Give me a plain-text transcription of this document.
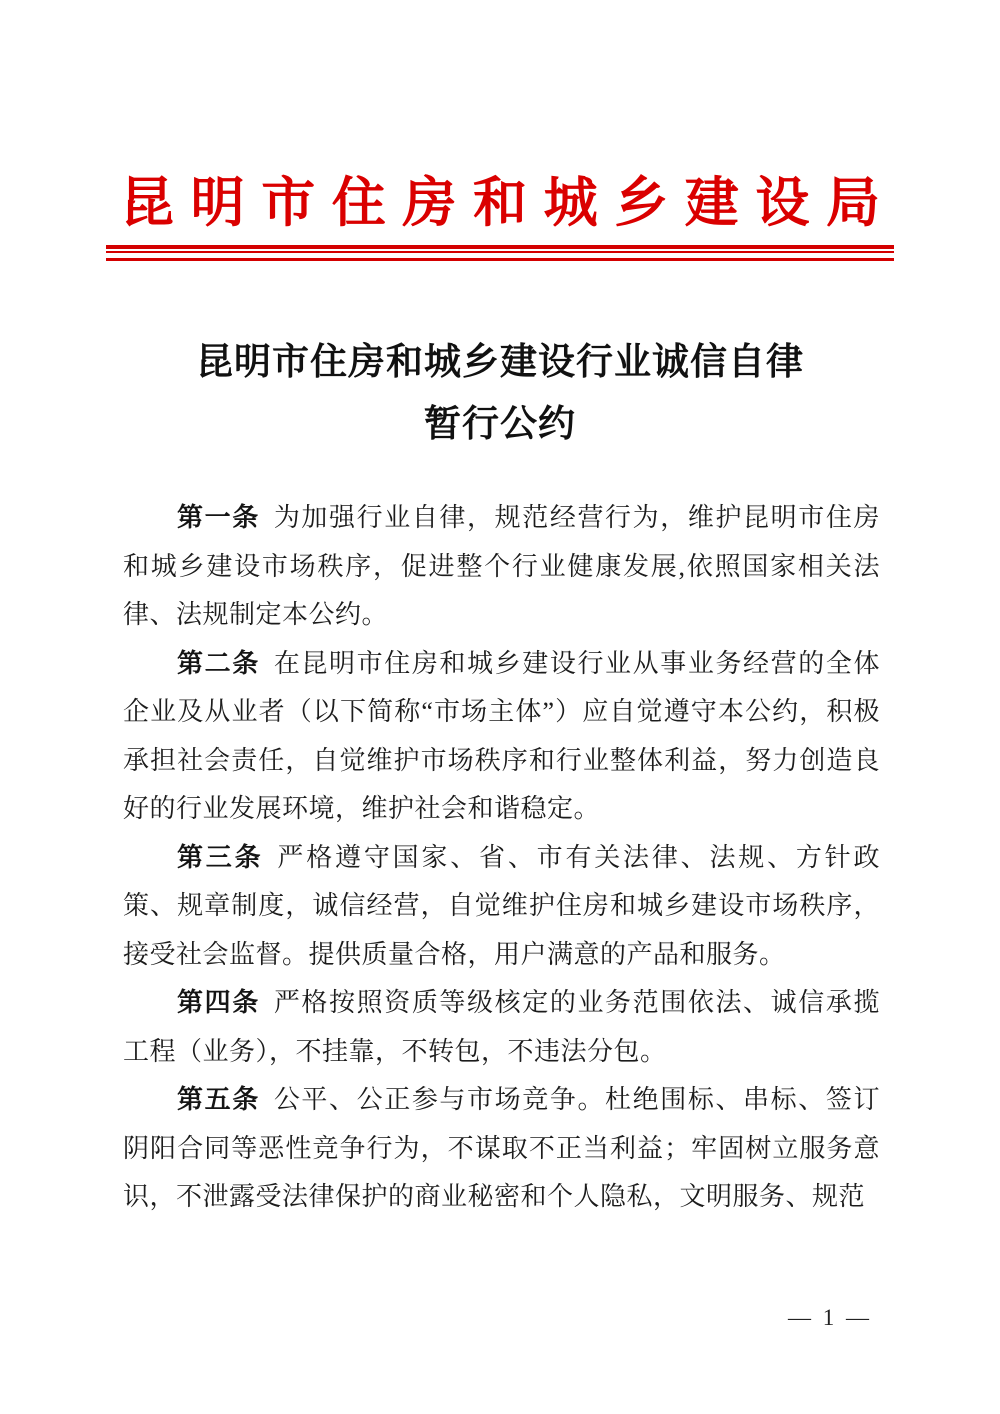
昆明市住房和城乡建设局
昆明市住房和城乡建设行业诚信自律
暂行公约

第一条 为加强行业自律，规范经营行为，维护昆明市住房和城乡建设市场秩序，促进整个行业健康发展,依照国家相关法律、法规制定本公约。

第二条 在昆明市住房和城乡建设行业从事业务经营的全体企业及从业者（以下简称“市场主体”）应自觉遵守本公约，积极承担社会责任，自觉维护市场秩序和行业整体利益，努力创造良好的行业发展环境，维护社会和谐稳定。

第三条 严格遵守国家、省、市有关法律、法规、方针政策、规章制度，诚信经营，自觉维护住房和城乡建设市场秩序，接受社会监督。提供质量合格，用户满意的产品和服务。

第四条 严格按照资质等级核定的业务范围依法、诚信承揽工程（业务），不挂靠，不转包，不违法分包。

第五条 公平、公正参与市场竞争。杜绝围标、串标、签订阴阳合同等恶性竞争行为，不谋取不正当利益；牢固树立服务意识，不泄露受法律保护的商业秘密和个人隐私，文明服务、规范

— 1 —
